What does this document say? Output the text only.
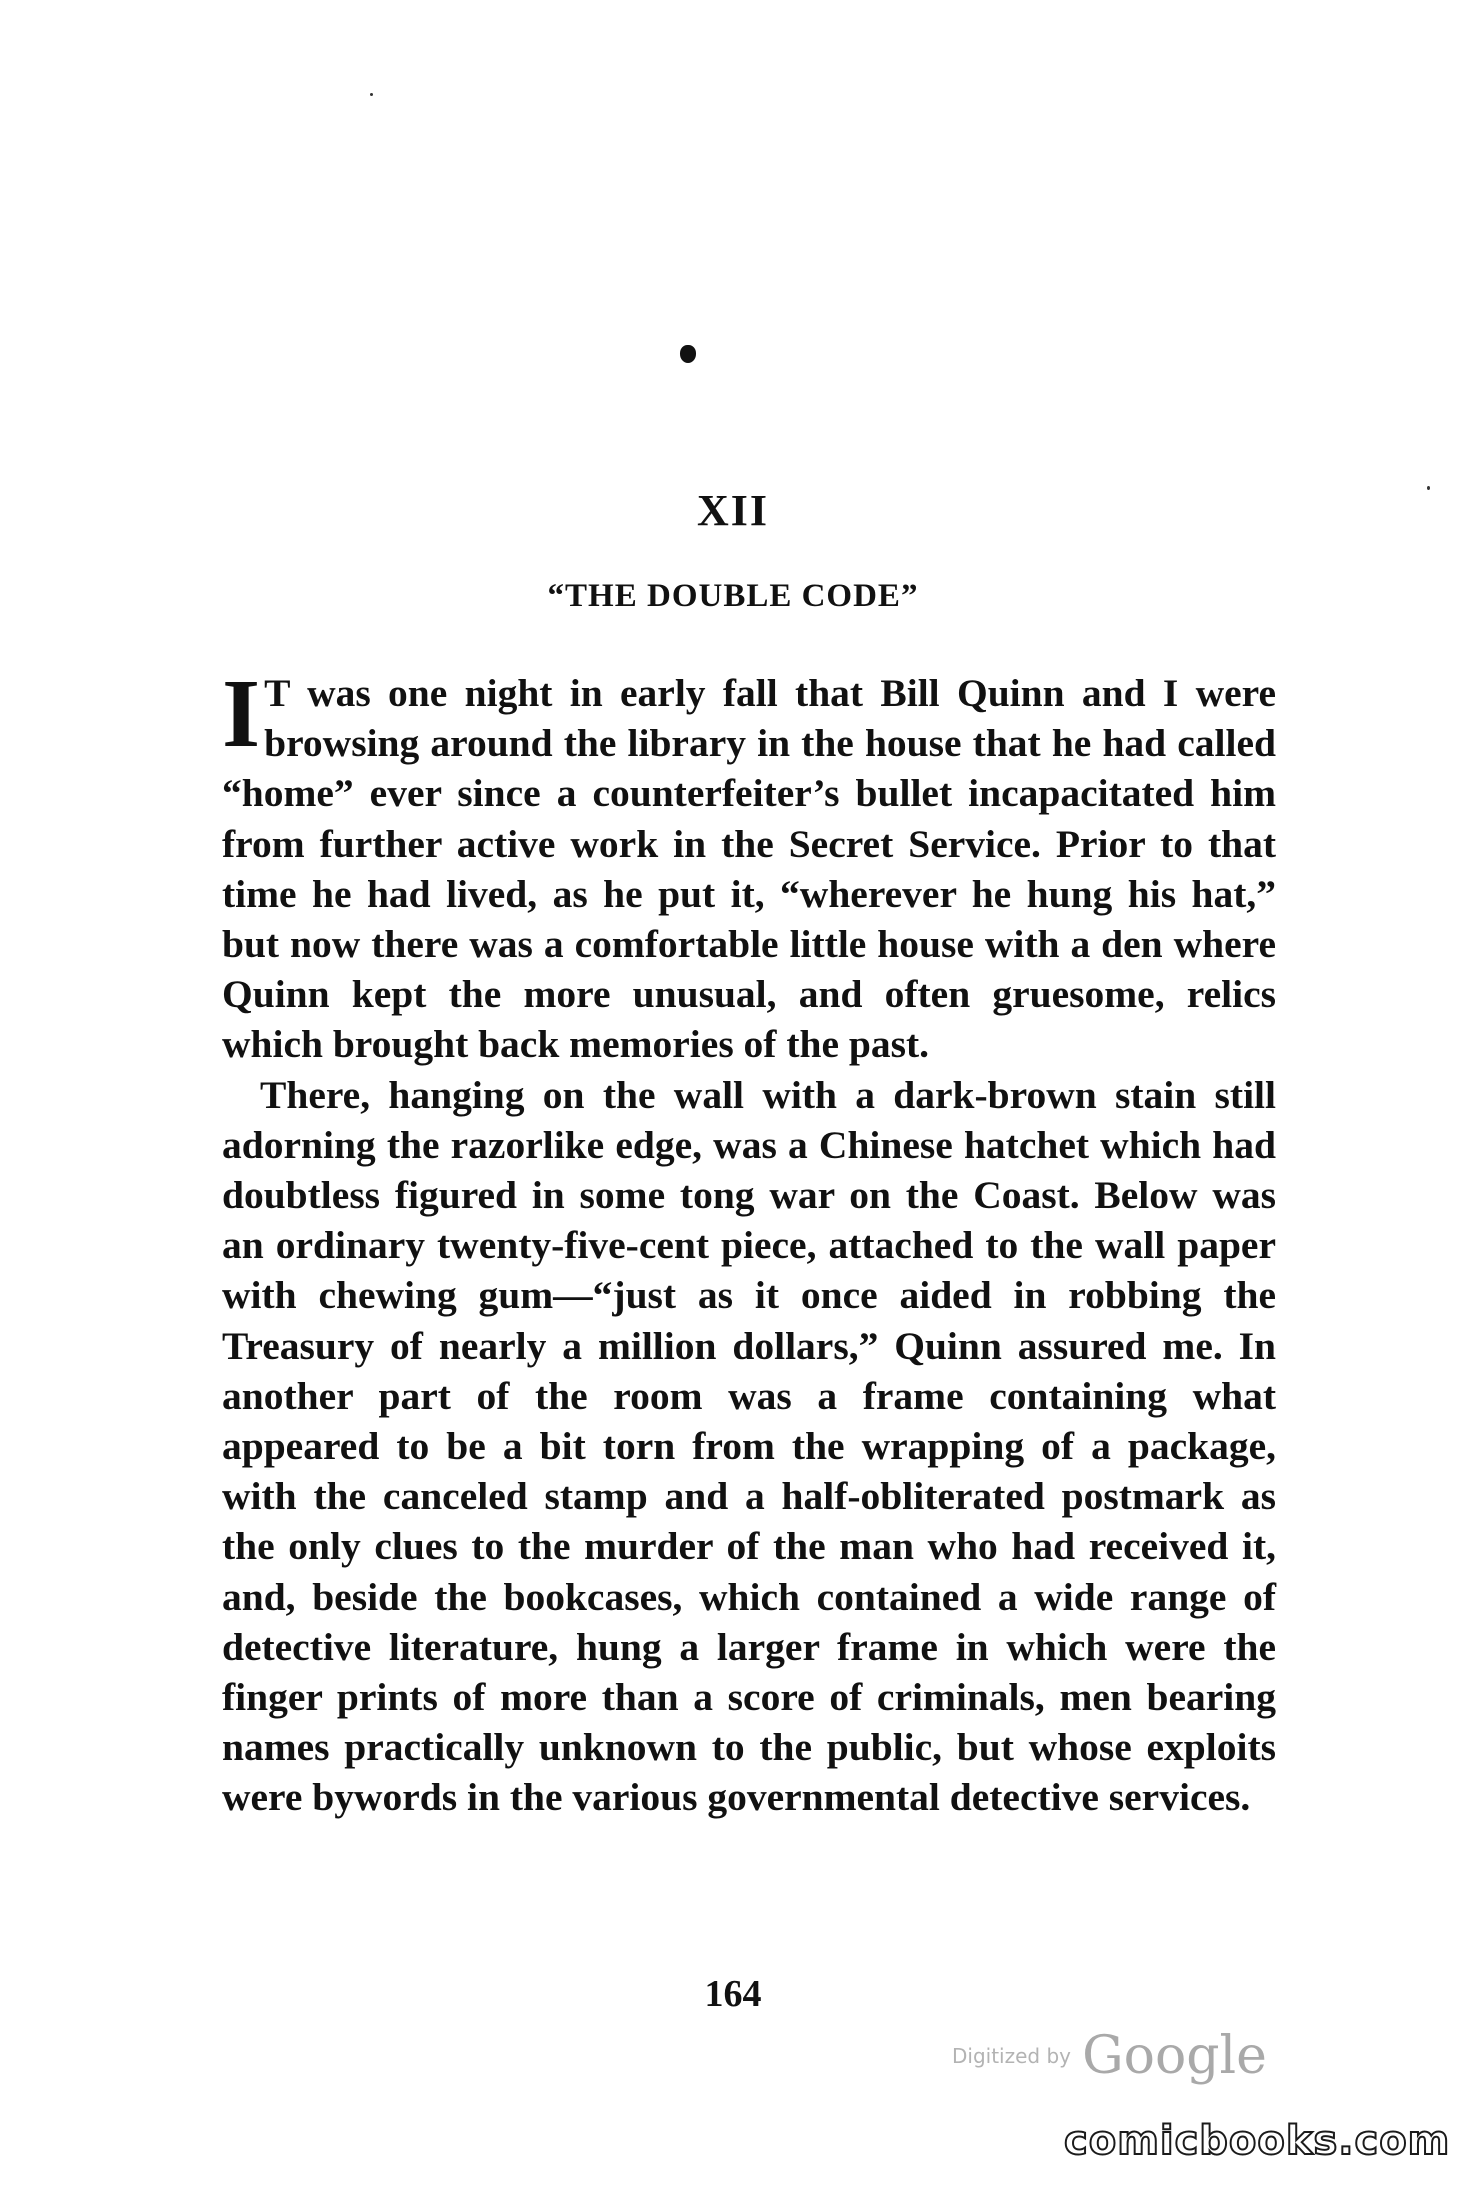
XII
“THE DOUBLE CODE”

I T was one night in early fall that Bill Quinn and I were browsing around the library in the house that he had called “home” ever since a counterfeiter’s bullet incapacitated him from further active work in the Secret Service. Prior to that time he had lived, as he put it, “wherever he hung his hat,” but now there was a comfortable little house with a den where Quinn kept the more unusual, and often gruesome, relics which brought back memories of the past.

There, hanging on the wall with a dark-brown stain still adorning the razorlike edge, was a Chinese hatchet which had doubtless figured in some tong war on the Coast. Below was an ordinary twenty-five-cent piece, attached to the wall paper with chewing gum—“just as it once aided in robbing the Treasury of nearly a million dollars,” Quinn assured me. In another part of the room was a frame containing what appeared to be a bit torn from the wrapping of a package, with the canceled stamp and a half-obliterated postmark as the only clues to the murder of the man who had received it, and, beside the bookcases, which contained a wide range of detective literature, hung a larger frame in which were the finger prints of more than a score of criminals, men bearing names practically unknown to the public, but whose exploits were bywords in the various governmental detective services.

164
Digitized by Google
comicbooks.com
